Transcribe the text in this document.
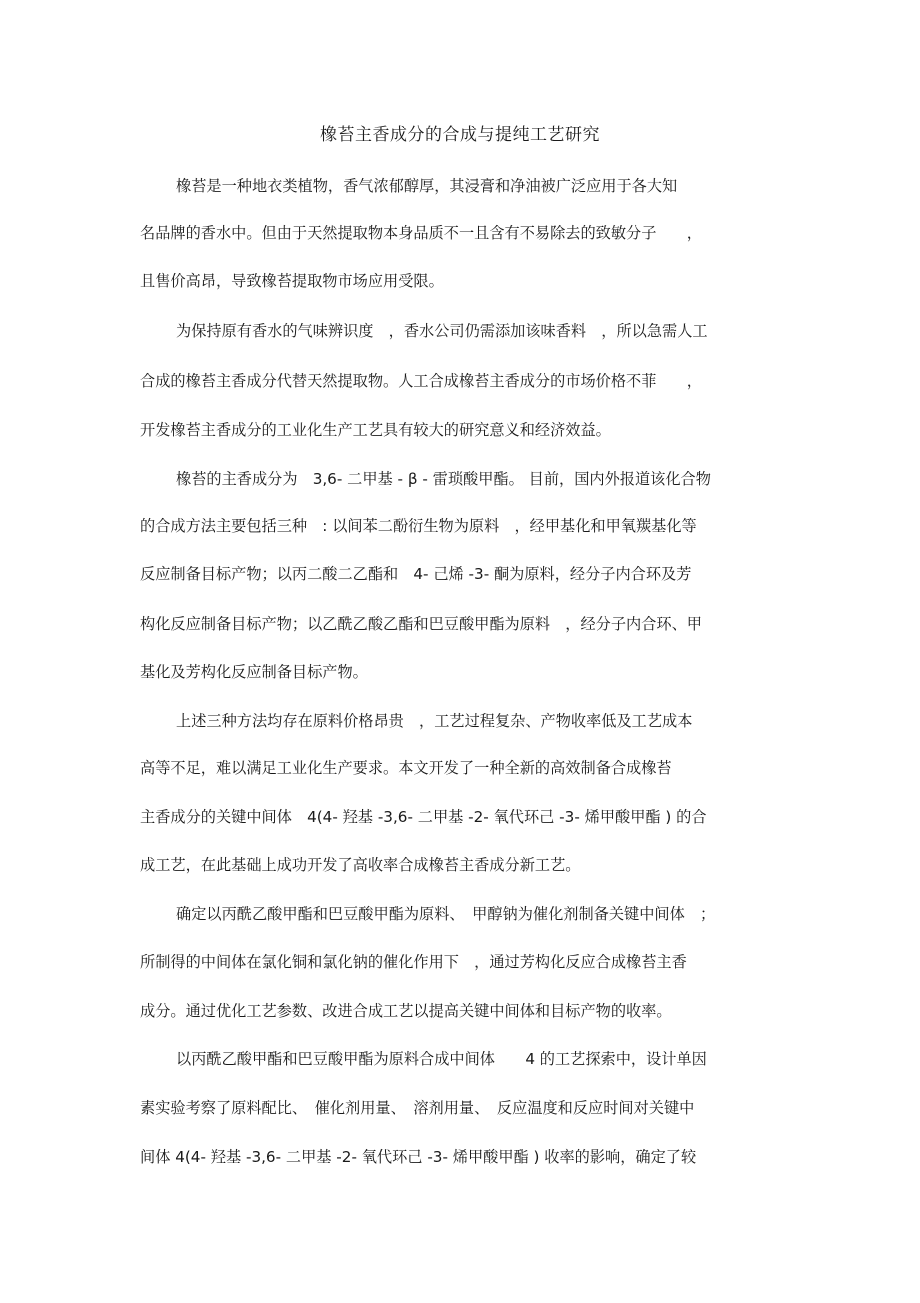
橡苔主香成分的合成与提纯工艺研究
橡苔是一种地衣类植物，香气浓郁醇厚，其浸膏和净油被广泛应用于各大知
名品牌的香水中。但由于天然提取物本身品质不一且含有不易除去的致敏分子　　，
且售价高昂，导致橡苔提取物市场应用受限。
为保持原有香水的气味辨识度　，香水公司仍需添加该味香料　，所以急需人工
合成的橡苔主香成分代替天然提取物。人工合成橡苔主香成分的市场价格不菲　　，
开发橡苔主香成分的工业化生产工艺具有较大的研究意义和经济效益。
橡苔的主香成分为　3,6- 二甲基 - β - 雷琐酸甲酯。 目前，国内外报道该化合物
的合成方法主要包括三种　: 以间苯二酚衍生物为原料　，经甲基化和甲氧羰基化等
反应制备目标产物；以丙二酸二乙酯和　4- 己烯 -3- 酮为原料，经分子内合环及芳
构化反应制备目标产物；以乙酰乙酸乙酯和巴豆酸甲酯为原料　，经分子内合环、甲
基化及芳构化反应制备目标产物。
上述三种方法均存在原料价格昂贵　，工艺过程复杂、产物收率低及工艺成本
高等不足，难以满足工业化生产要求。本文开发了一种全新的高效制备合成橡苔
主香成分的关键中间体　4(4- 羟基 -3,6- 二甲基 -2- 氧代环己 -3- 烯甲酸甲酯 ) 的合
成工艺，在此基础上成功开发了高收率合成橡苔主香成分新工艺。
确定以丙酰乙酸甲酯和巴豆酸甲酯为原料、　甲醇钠为催化剂制备关键中间体　；
所制得的中间体在氯化铜和氯化钠的催化作用下　，通过芳构化反应合成橡苔主香
成分。通过优化工艺参数、改进合成工艺以提高关键中间体和目标产物的收率。
以丙酰乙酸甲酯和巴豆酸甲酯为原料合成中间体　　4 的工艺探索中，设计单因
素实验考察了原料配比、　催化剂用量、　溶剂用量、　反应温度和反应时间对关键中
间体 4(4- 羟基 -3,6- 二甲基 -2- 氧代环己 -3- 烯甲酸甲酯 ) 收率的影响，确定了较
